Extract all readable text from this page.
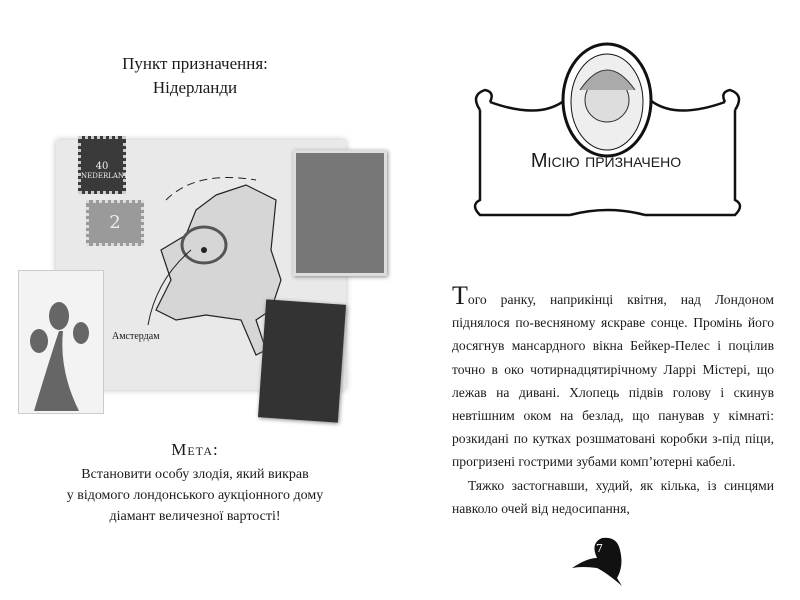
Пункт призначення:
Нідерланди
40
NEDERLAND
2
Амстердам
Мета:

Встановити особу злодія, який викрав
у відомого лондонського аукціонного дому
діамант величезної вартості!

Місію призначено

Того ранку, наприкінці квітня, над Лондоном піднялося по-весняному яскраве сонце. Промінь його досягнув мансардного вікна Бейкер-Пелес і поцілив точно в око чотирнадцятирічному Ларрі Містері, що лежав на дивані. Хлопець підвів голову і скинув невтішним оком на безлад, що панував у кімнаті: розкидані по кутках розшматовані коробки з-під піци, прогризені гострими зубами комп’ютерні кабелі.

Тяжко застогнавши, худий, як кілька, із синцями навколо очей від недосипання,

7
